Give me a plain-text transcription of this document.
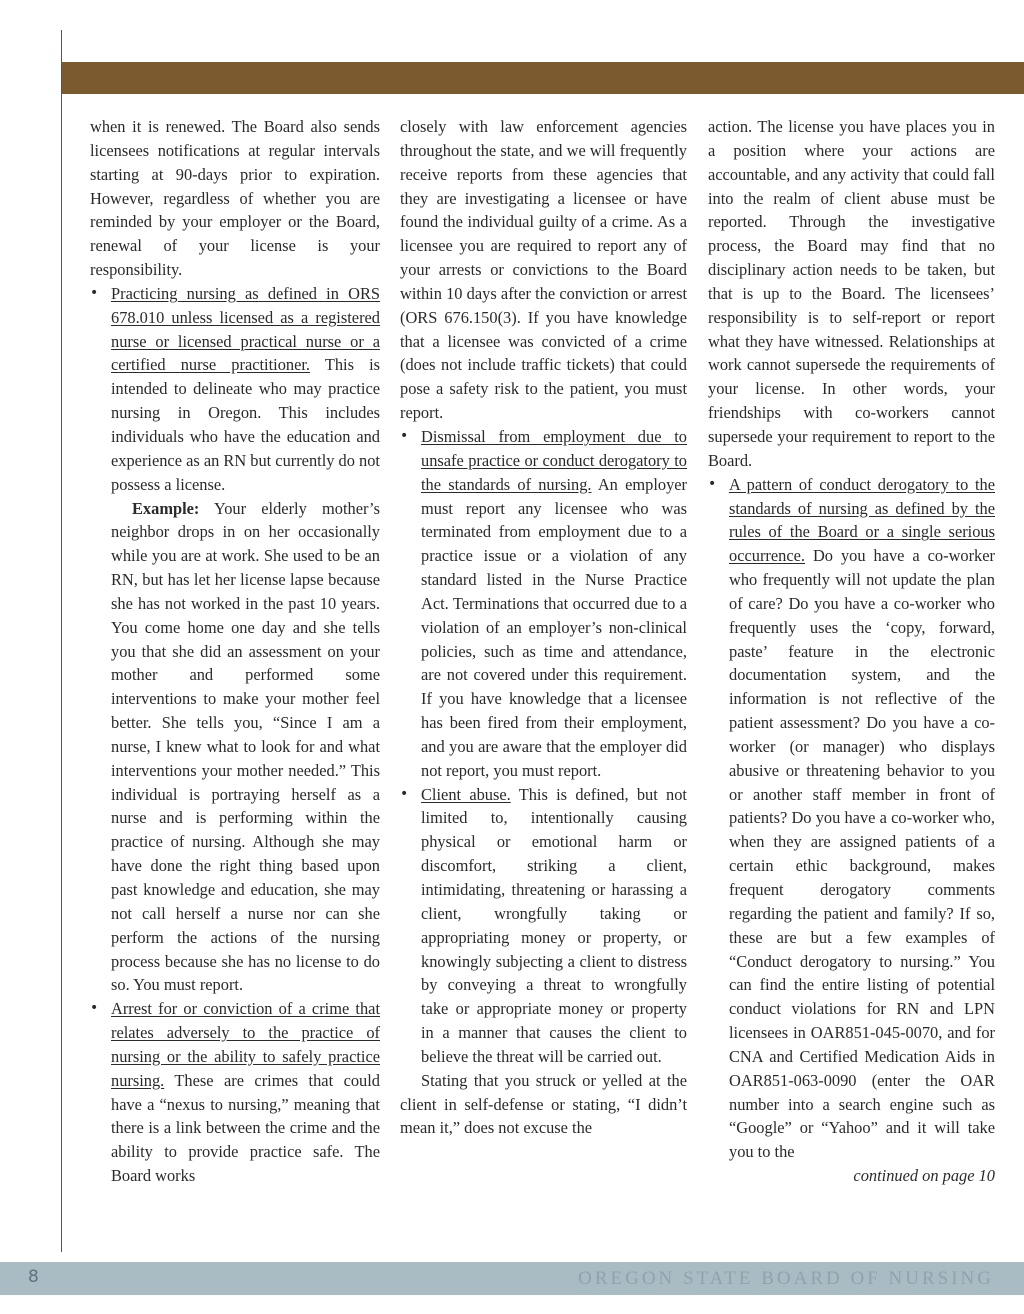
when it is renewed. The Board also sends licensees notifications at regular intervals starting at 90-days prior to expiration. However, regardless of whether you are reminded by your employer or the Board, renewal of your license is your responsibility.

• Practicing nursing as defined in ORS 678.010 unless licensed as a registered nurse or licensed practical nurse or a certified nurse practitioner. This is intended to delineate who may practice nursing in Oregon. This includes individuals who have the education and experience as an RN but currently do not possess a license.

Example: Your elderly mother’s neighbor drops in on her occasionally while you are at work. She used to be an RN, but has let her license lapse because she has not worked in the past 10 years. You come home one day and she tells you that she did an assessment on your mother and performed some interventions to make your mother feel better. She tells you, “Since I am a nurse, I knew what to look for and what interventions your mother needed.” This individual is portraying herself as a nurse and is performing within the practice of nursing. Although she may have done the right thing based upon past knowledge and education, she may not call herself a nurse nor can she perform the actions of the nursing process because she has no license to do so. You must report.

• Arrest for or conviction of a crime that relates adversely to the practice of nursing or the ability to safely practice nursing. These are crimes that could have a “nexus to nursing,” meaning that there is a link between the crime and the ability to provide practice safe. The Board works

closely with law enforcement agencies throughout the state, and we will frequently receive reports from these agencies that they are investigating a licensee or have found the individual guilty of a crime. As a licensee you are required to report any of your arrests or convictions to the Board within 10 days after the conviction or arrest (ORS 676.150(3). If you have knowledge that a licensee was convicted of a crime (does not include traffic tickets) that could pose a safety risk to the patient, you must report.

• Dismissal from employment due to unsafe practice or conduct derogatory to the standards of nursing. An employer must report any licensee who was terminated from employment due to a practice issue or a violation of any standard listed in the Nurse Practice Act. Terminations that occurred due to a violation of an employer’s non-clinical policies, such as time and attendance, are not covered under this requirement. If you have knowledge that a licensee has been fired from their employment, and you are aware that the employer did not report, you must report.
• Client abuse. This is defined, but not limited to, intentionally causing physical or emotional harm or discomfort, striking a client, intimidating, threatening or harassing a client, wrongfully taking or appropriating money or property, or knowingly subjecting a client to distress by conveying a threat to wrongfully take or appropriate money or property in a manner that causes the client to believe the threat will be carried out.

Stating that you struck or yelled at the client in self-defense or stating, “I didn’t mean it,” does not excuse the

action. The license you have places you in a position where your actions are accountable, and any activity that could fall into the realm of client abuse must be reported. Through the investigative process, the Board may find that no disciplinary action needs to be taken, but that is up to the Board. The licensees’ responsibility is to self-report or report what they have witnessed. Relationships at work cannot supersede the requirements of your license. In other words, your friendships with co-workers cannot supersede your requirement to report to the Board.

• A pattern of conduct derogatory to the standards of nursing as defined by the rules of the Board or a single serious occurrence. Do you have a co-worker who frequently will not update the plan of care? Do you have a co-worker who frequently uses the ‘copy, forward, paste’ feature in the electronic documentation system, and the information is not reflective of the patient assessment? Do you have a co-worker (or manager) who displays abusive or threatening behavior to you or another staff member in front of patients? Do you have a co-worker who, when they are assigned patients of a certain ethic background, makes frequent derogatory comments regarding the patient and family? If so, these are but a few examples of “Conduct derogatory to nursing.” You can find the entire listing of potential conduct violations for RN and LPN licensees in OAR851-045-0070, and for CNA and Certified Medication Aids in OAR851-063-0090 (enter the OAR number into a search engine such as “Google” or “Yahoo” and it will take you to the

continued on page 10

8	OREGON STATE BOARD OF NURSING
